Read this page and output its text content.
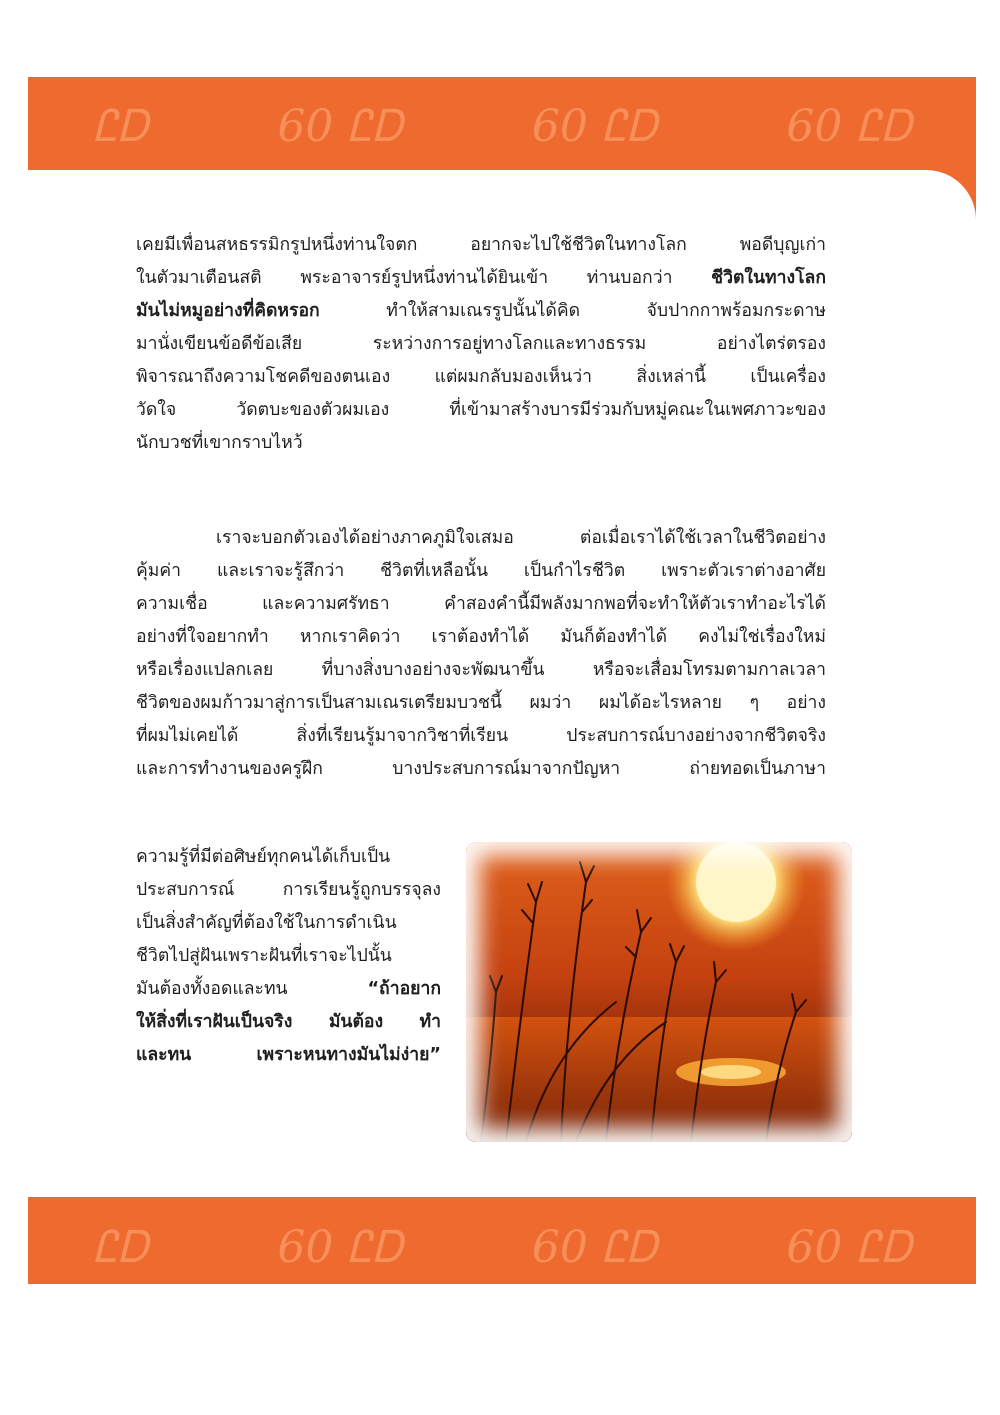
ᏝᎠ	60 ᏝᎠ	60 ᏝᎠ	60 ᏝᎠ
ᏝᎠ	60 ᏝᎠ	60 ᏝᎠ	60 ᏝᎠ
เคยมีเพื่อนสหธรรมิกรูปหนึ่งท่านใจตก อยากจะไปใช้ชีวิตในทางโลก พอดีบุญเก่า
ในตัวมาเตือนสติ พระอาจารย์รูปหนึ่งท่านได้ยินเข้า ท่านบอกว่า ชีวิตในทางโลก
มันไม่หมูอย่างที่คิดหรอก ทำให้สามเณรรูปนั้นได้คิด จับปากกาพร้อมกระดาษ
มานั่งเขียนข้อดีข้อเสีย ระหว่างการอยู่ทางโลกและทางธรรม อย่างไตร่ตรอง
พิจารณาถึงความโชคดีของตนเอง แต่ผมกลับมองเห็นว่า สิ่งเหล่านี้ เป็นเครื่อง
วัดใจ วัดตบะของตัวผมเอง ที่เข้ามาสร้างบารมีร่วมกับหมู่คณะในเพศภาวะของ
นักบวชที่เขากราบไหว้
เราจะบอกตัวเองได้อย่างภาคภูมิใจเสมอ ต่อเมื่อเราได้ใช้เวลาในชีวิตอย่าง
คุ้มค่า และเราจะรู้สึกว่า ชีวิตที่เหลือนั้น เป็นกำไรชีวิต เพราะตัวเราต่างอาศัย
ความเชื่อ และความศรัทธา คำสองคำนี้มีพลังมากพอที่จะทำให้ตัวเราทำอะไรได้
อย่างที่ใจอยากทำ หากเราคิดว่า เราต้องทำได้ มันก็ต้องทำได้ คงไม่ใช่เรื่องใหม่
หรือเรื่องแปลกเลย ที่บางสิ่งบางอย่างจะพัฒนาขึ้น หรือจะเสื่อมโทรมตามกาลเวลา
ชีวิตของผมก้าวมาสู่การเป็นสามเณรเตรียมบวชนี้ ผมว่า ผมได้อะไรหลาย ๆ อย่าง
ที่ผมไม่เคยได้ สิ่งที่เรียนรู้มาจากวิชาที่เรียน ประสบการณ์บางอย่างจากชีวิตจริง
และการทำงานของครูฝึก บางประสบการณ์มาจากปัญหา ถ่ายทอดเป็นภาษา
ความรู้ที่มีต่อศิษย์ทุกคนได้เก็บเป็น
ประสบการณ์ การเรียนรู้ถูกบรรจุลง
เป็นสิ่งสำคัญที่ต้องใช้ในการดำเนิน
ชีวิตไปสู่ฝันเพราะฝันที่เราจะไปนั้น
มันต้องทั้งอดและทน “ถ้าอยาก
ให้สิ่งที่เราฝันเป็นจริง มันต้อง ทำ
และทน เพราะหนทางมันไม่ง่าย”
